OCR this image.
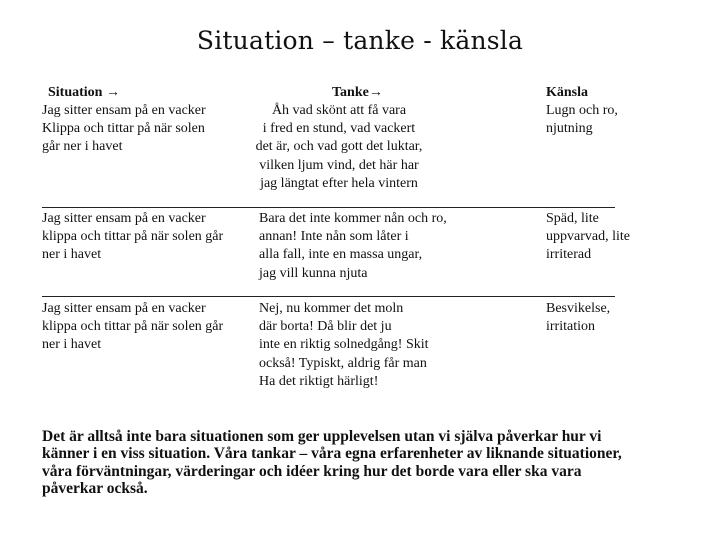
Situation – tanke - känsla
Situation →	Tanke→	Känsla
Jag sitter ensam på en vacker
Klippa och tittar på när solen
går ner i havet
Åh vad skönt att få vara
i fred en stund, vad vackert
det är, och vad gott det luktar,
vilken ljum vind, det här har
jag längtat efter hela vintern
Lugn och ro,
njutning
Jag sitter ensam på en vacker
klippa och tittar på när solen går
ner i havet
Bara det inte kommer nån och ro,
annan! Inte nån som låter i
alla fall, inte en massa ungar,
jag vill kunna njuta
Späd, lite
uppvarvad, lite
irriterad
Jag sitter ensam på en vacker
klippa och tittar på när solen går
ner i havet
Nej, nu kommer det moln
där borta! Då blir det ju
inte en riktig solnedgång! Skit
också! Typiskt, aldrig får man
Ha det riktigt härligt!
Besvikelse,
irritation
Det är alltså inte bara situationen som ger upplevelsen utan vi själva påverkar hur vi
känner i en viss situation. Våra tankar – våra egna erfarenheter av liknande situationer,
våra förväntningar, värderingar och idéer kring hur det borde vara eller ska vara
påverkar också.
